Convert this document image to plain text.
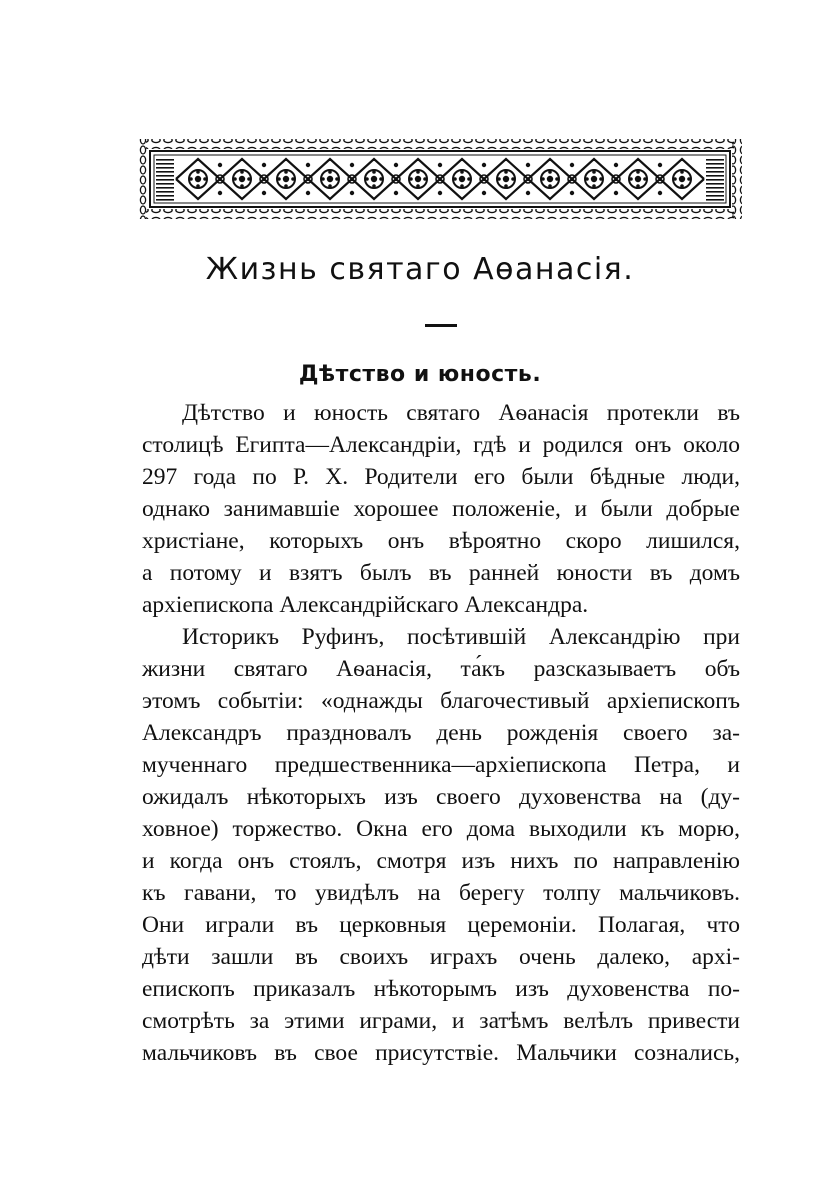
Жизнь святаго Аѳанасія.
Дѣтство и юность.

Дѣтство и юность святаго Аѳанасія протекли въ
столицѣ Египта—Александріи, гдѣ и родился онъ около
297 года по Р. Х. Родители его были бѣдные люди,
однако занимавшіе хорошее положеніе, и были добрые
христіане, которыхъ онъ вѣроятно скоро лишился,
а потому и взятъ былъ въ ранней юности въ домъ
архіепископа Александрійскаго Александра.

Историкъ Руфинъ, посѣтившій Александрію при
жизни святаго Аѳанасія, та́къ разсказываетъ объ
этомъ событіи: «однажды благочестивый архіепископъ
Александръ праздновалъ день рожденія своего за-
мученнаго предшественника—архіепископа Петра, и
ожидалъ нѣкоторыхъ изъ своего духовенства на (ду-
ховное) торжество. Окна его дома выходили къ морю,
и когда онъ стоялъ, смотря изъ нихъ по направленію
къ гавани, то увидѣлъ на берегу толпу мальчиковъ.
Они играли въ церковныя церемоніи. Полагая, что
дѣти зашли въ своихъ играхъ очень далеко, архі-
епископъ приказалъ нѣкоторымъ изъ духовенства по-
смотрѣть за этими играми, и затѣмъ велѣлъ привести
мальчиковъ въ свое присутствіе. Мальчики сознались,
